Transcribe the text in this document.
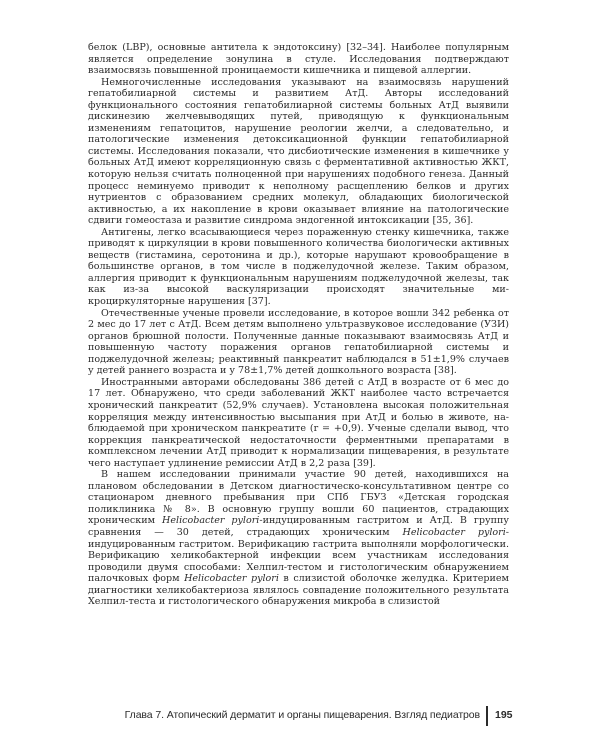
белок (LBP), основные антитела к эндотоксину) [32–34]. Наиболее популярным является определение зонулина в стуле. Исследования подтверждают взаимосвязь повышенной проницаемости кишечника и пищевой аллергии.

Немногочисленные исследования указывают на взаимосвязь нарушений гепатобилиарной системы и развитием АтД. Авторы исследований функционального состояния гепатобилиарной системы больных АтД выявили дискинезию желчевыводящих путей, приводящую к функциональным изменениям гепатоцитов, нарушение реологии желчи, а следовательно, и патологические изменения детоксикационной функции гепатобилиарной системы. Исследования показали, что дисбиотические изменения в кишечнике у больных АтД имеют корреляционную связь с ферментативной активностью ЖКТ, которую нельзя считать полноценной при нарушениях подобного генеза. Данный процесс неминуемо приводит к неполному расщеплению белков и других нутриентов с образованием средних молекул, обладающих биологической активностью, а их накопление в крови оказывает влияние на патологические сдвиги гомеостаза и развитие синдрома эндогенной интоксикации [35, 36].

Антигены, легко всасывающиеся через пораженную стенку кишечника, также приводят к циркуляции в крови повышенного количества биологически активных веществ (гистамина, серотонина и др.), которые нарушают кровообращение в большинстве органов, в том числе в поджелудочной железе. Таким образом, аллергия приводит к функциональным нарушениям поджелудочной железы, так как из-за высокой васкуляризации происходят значительные микроциркуляторные нарушения [37].

Отечественные ученые провели исследование, в которое вошли 342 ребенка от 2 мес до 17 лет с АтД. Всем детям выполнено ультразвуковое исследование (УЗИ) органов брюшной полости. Полученные данные показывают взаимосвязь АтД и повышенную частоту поражения органов гепатобилиарной системы и поджелудочной железы; реактивный панкреатит наблюдался в 51±1,9% случаев у детей раннего возраста и у 78±1,7% детей дошкольного возраста [38].

Иностранными авторами обследованы 386 детей с АтД в возрасте от 6 мес до 17 лет. Обнаружено, что среди заболеваний ЖКТ наиболее часто встречается хронический панкреатит (52,9% случаев). Установлена высокая положительная корреляция между интенсивностью высыпания при АтД и болью в животе, наблюдаемой при хроническом панкреатите (r = +0,9). Ученые сделали вывод, что коррекция панкреатической недостаточности ферментными препаратами в комплексном лечении АтД приводит к нормализации пищеварения, в результате чего наступает удлинение ремиссии АтД в 2,2 раза [39].

В нашем исследовании принимали участие 90 детей, находившихся на плановом обследовании в Детском диагностическо-консультативном центре со стационаром дневного пребывания при СПб ГБУЗ «Детская городская поликлиника № 8». В основную группу вошли 60 пациентов, страдающих хроническим Helicobacter pylori-индуцированным гастритом и АтД. В группу сравнения — 30 детей, страдающих хроническим Helicobacter pylori-индуцированным гастритом. Верификацию гастрита выполняли морфологически. Верификацию хеликобактерной инфекции всем участникам исследования проводили двумя способами: Хелпил-тестом и гистологическим обнаружением палочковых форм Helicobacter pylori в слизистой оболочке желудка. Критерием диагностики хеликобактериоза являлось совпадение положительного результата Хелпил-теста и гистологического обнаружения микроба в слизистой

Глава 7. Атопический дерматит и органы пищеварения. Взгляд педиатров 195
